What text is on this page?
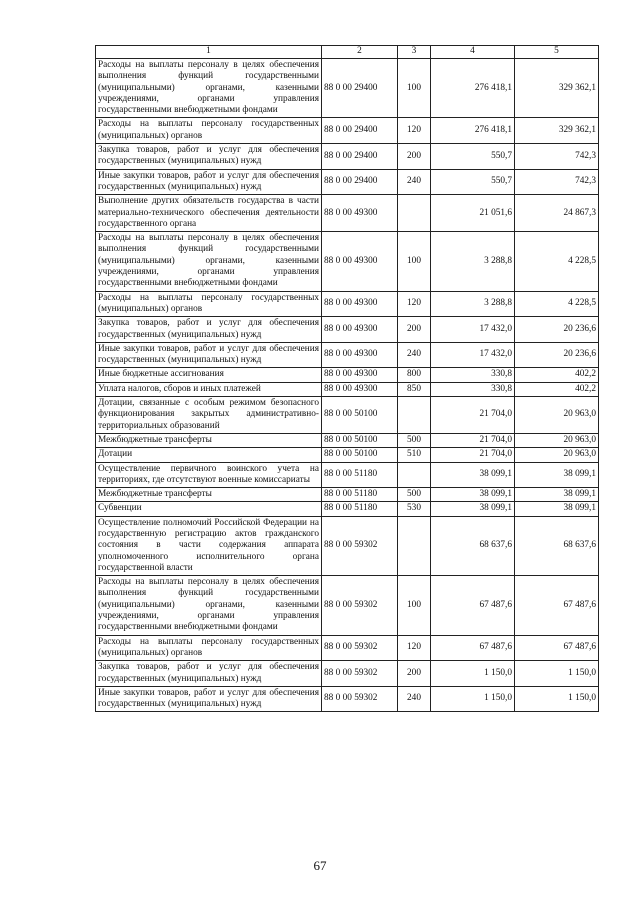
1	2	3	4	5
Расходы на выплаты персоналу в целях обеспечения выполнения функций государственными (муниципальными) органами, казенными учреждениями, органами управления государственными внебюджетными фондами	88 0 00 29400	100	276 418,1	329 362,1
Расходы на выплаты персоналу государственных (муниципальных) органов	88 0 00 29400	120	276 418,1	329 362,1
Закупка товаров, работ и услуг для обеспечения государственных (муниципальных) нужд	88 0 00 29400	200	550,7	742,3
Иные закупки товаров, работ и услуг для обеспечения государственных (муниципальных) нужд	88 0 00 29400	240	550,7	742,3
Выполнение других обязательств государства в части материально-технического обеспечения деятельности государственного органа	88 0 00 49300		21 051,6	24 867,3
Расходы на выплаты персоналу в целях обеспечения выполнения функций государственными (муниципальными) органами, казенными учреждениями, органами управления государственными внебюджетными фондами	88 0 00 49300	100	3 288,8	4 228,5
Расходы на выплаты персоналу государственных (муниципальных) органов	88 0 00 49300	120	3 288,8	4 228,5
Закупка товаров, работ и услуг для обеспечения государственных (муниципальных) нужд	88 0 00 49300	200	17 432,0	20 236,6
Иные закупки товаров, работ и услуг для обеспечения государственных (муниципальных) нужд	88 0 00 49300	240	17 432,0	20 236,6
Иные бюджетные ассигнования	88 0 00 49300	800	330,8	402,2
Уплата налогов, сборов и иных платежей	88 0 00 49300	850	330,8	402,2
Дотации, связанные с особым режимом безопасного функционирования закрытых административно-территориальных образований	88 0 00 50100		21 704,0	20 963,0
Межбюджетные трансферты	88 0 00 50100	500	21 704,0	20 963,0
Дотации	88 0 00 50100	510	21 704,0	20 963,0
Осуществление первичного воинского учета на территориях, где отсутствуют военные комиссариаты	88 0 00 51180		38 099,1	38 099,1
Межбюджетные трансферты	88 0 00 51180	500	38 099,1	38 099,1
Субвенции	88 0 00 51180	530	38 099,1	38 099,1
Осуществление полномочий Российской Федерации на государственную регистрацию актов гражданского состояния в части содержания аппарата уполномоченного исполнительного органа государственной власти	88 0 00 59302		68 637,6	68 637,6
Расходы на выплаты персоналу в целях обеспечения выполнения функций государственными (муниципальными) органами, казенными учреждениями, органами управления государственными внебюджетными фондами	88 0 00 59302	100	67 487,6	67 487,6
Расходы на выплаты персоналу государственных (муниципальных) органов	88 0 00 59302	120	67 487,6	67 487,6
Закупка товаров, работ и услуг для обеспечения государственных (муниципальных) нужд	88 0 00 59302	200	1 150,0	1 150,0
Иные закупки товаров, работ и услуг для обеспечения государственных (муниципальных) нужд	88 0 00 59302	240	1 150,0	1 150,0
67
